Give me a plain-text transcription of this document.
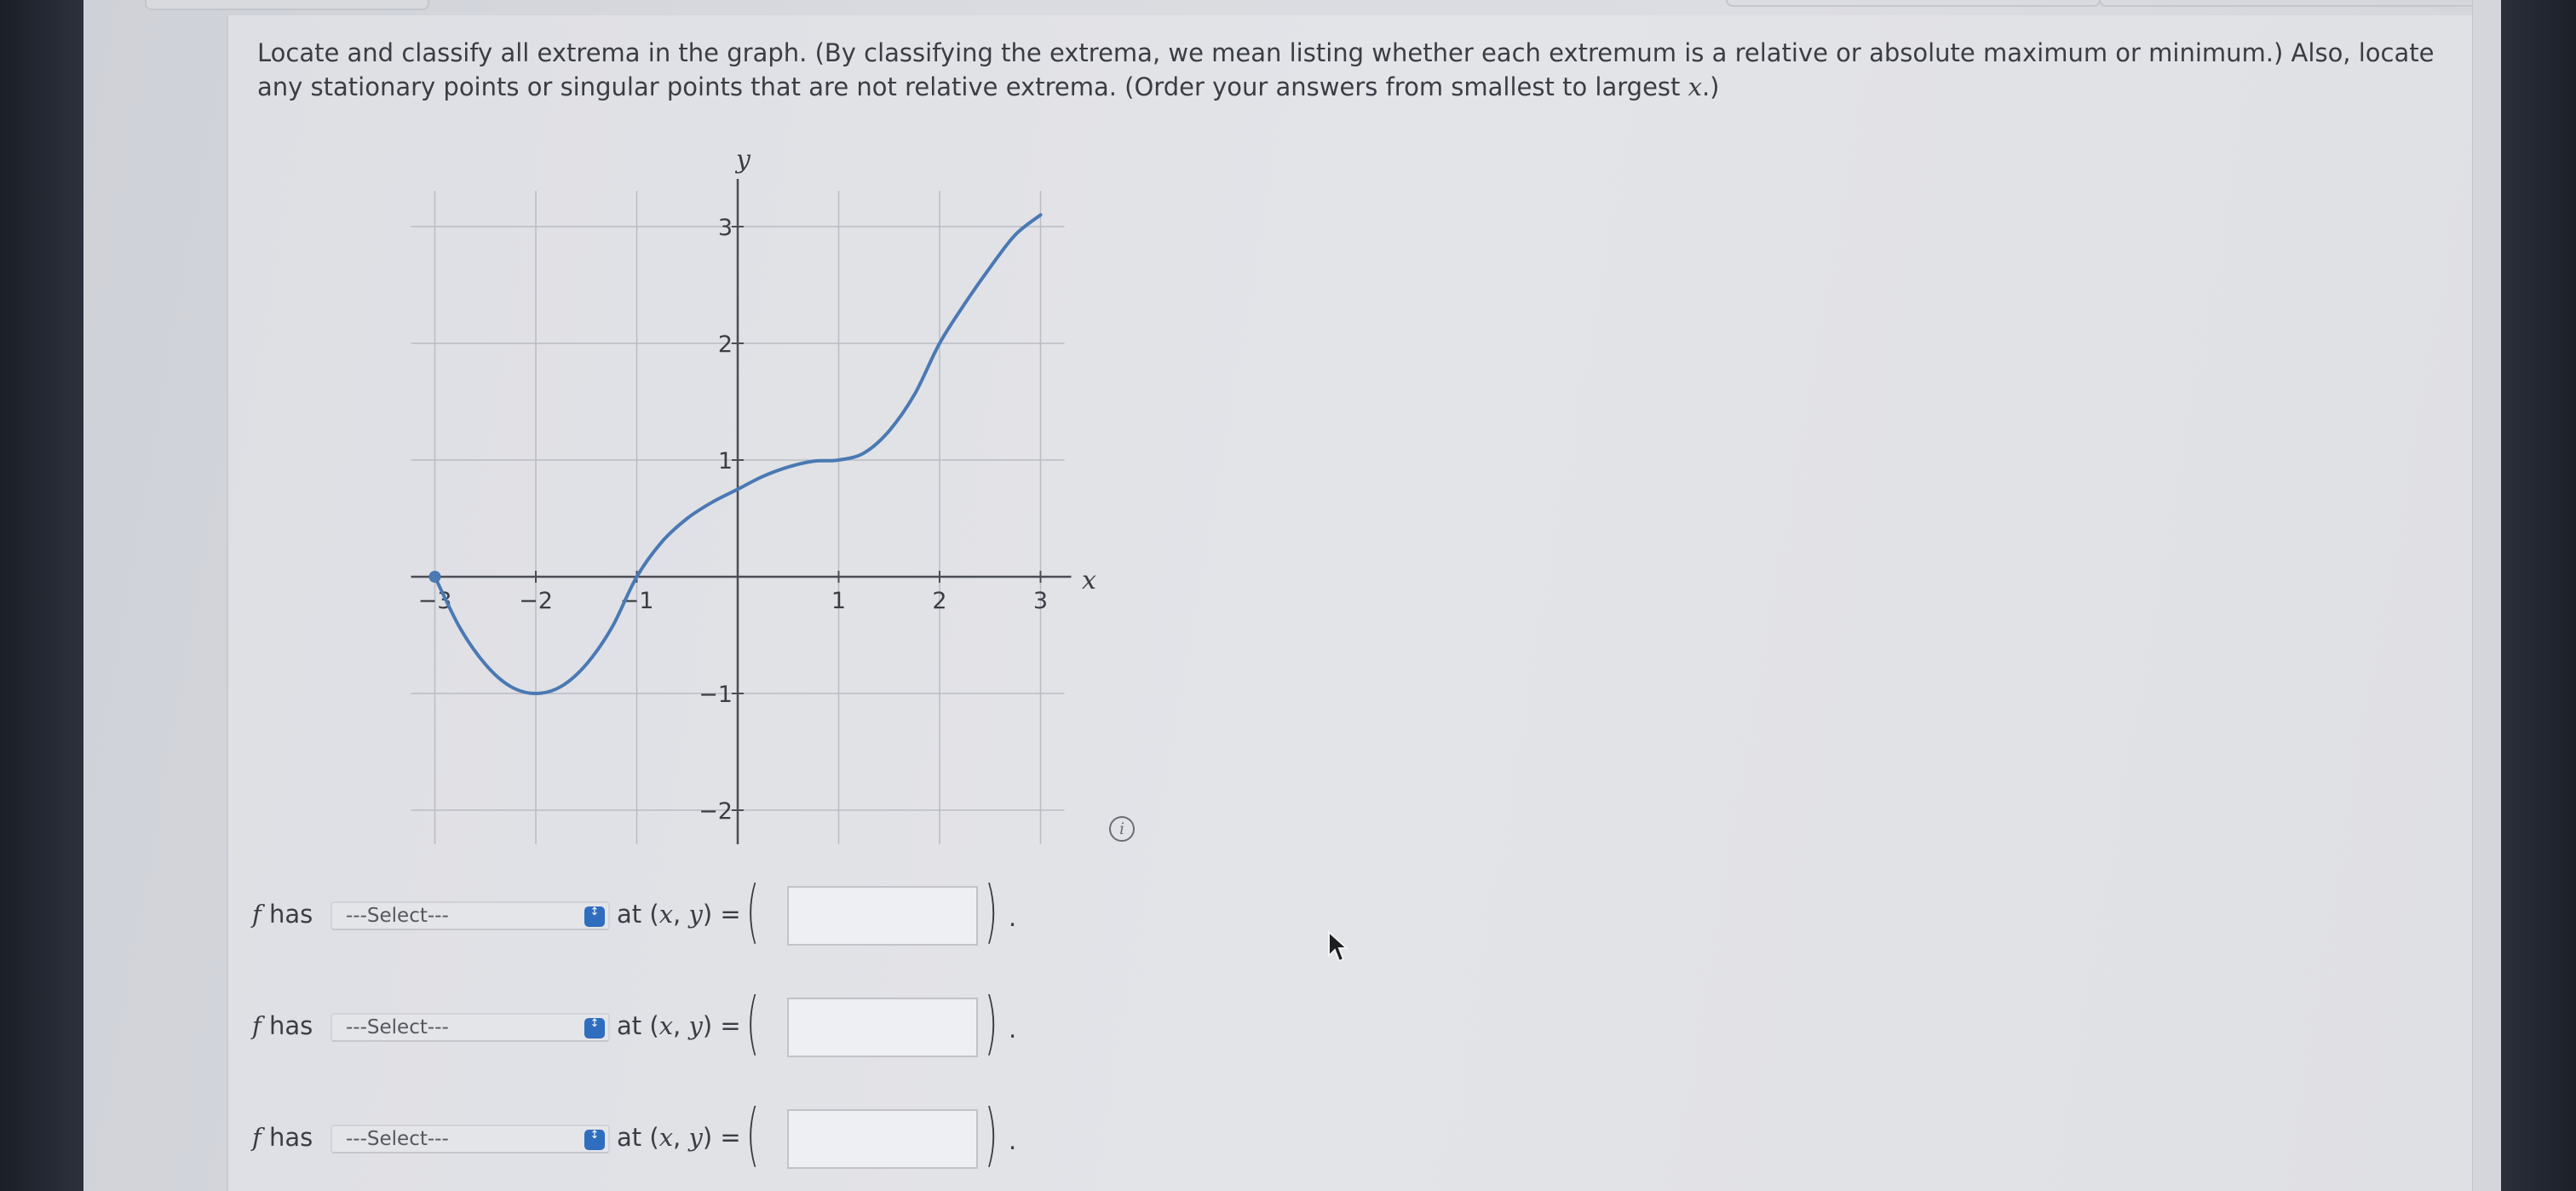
Locate and classify all extrema in the graph. (By classifying the extrema, we mean listing whether each extremum is a relative or absolute maximum or minimum.) Also, locate any stationary points or singular points that are not relative extrema. (Order your answers from smallest to largest x.)

−3	−2	−1	1	2	3
−2
−1
1
2
3
x
y
i
f has	---Select---	↕ at (x, y) = (	) .
f has	---Select---	↕ at (x, y) = (	) .
f has	---Select---	↕ at (x, y) = (	) .
